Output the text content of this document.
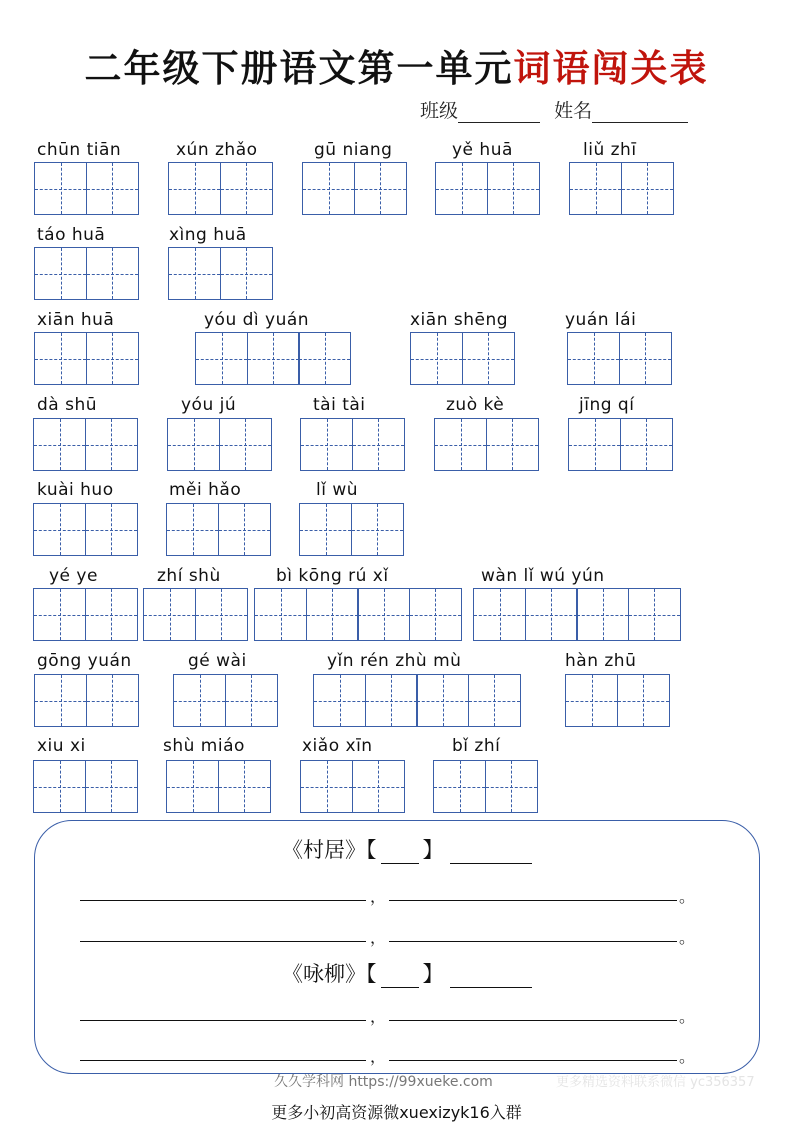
二年级下册语文第一单元词语闯关表
班级	姓名
chūn tiān	xún zhǎo	gū niang	yě huā	liǔ zhī
táo huā	xìng huā
xiān huā	yóu dì yuán	xiān shēng	yuán lái
dà shū	yóu jú	tài tài	zuò kè	jīng qí
kuài huo	měi hǎo	lǐ wù
yé ye	zhí shù	bì kōng rú xǐ	wàn lǐ wú yún
gōng yuán	gé wài	yǐn rén zhù mù	hàn zhū
xiu xi	shù miáo	xiǎo xīn	bǐ zhí
《村居》【 】
，	。
，	。
《咏柳》【 】
，	。
，	。
久久学科网 https://99xueke.com	更多精选资料联系微信 yc356357
更多小初高资源微xuexizyk16入群
